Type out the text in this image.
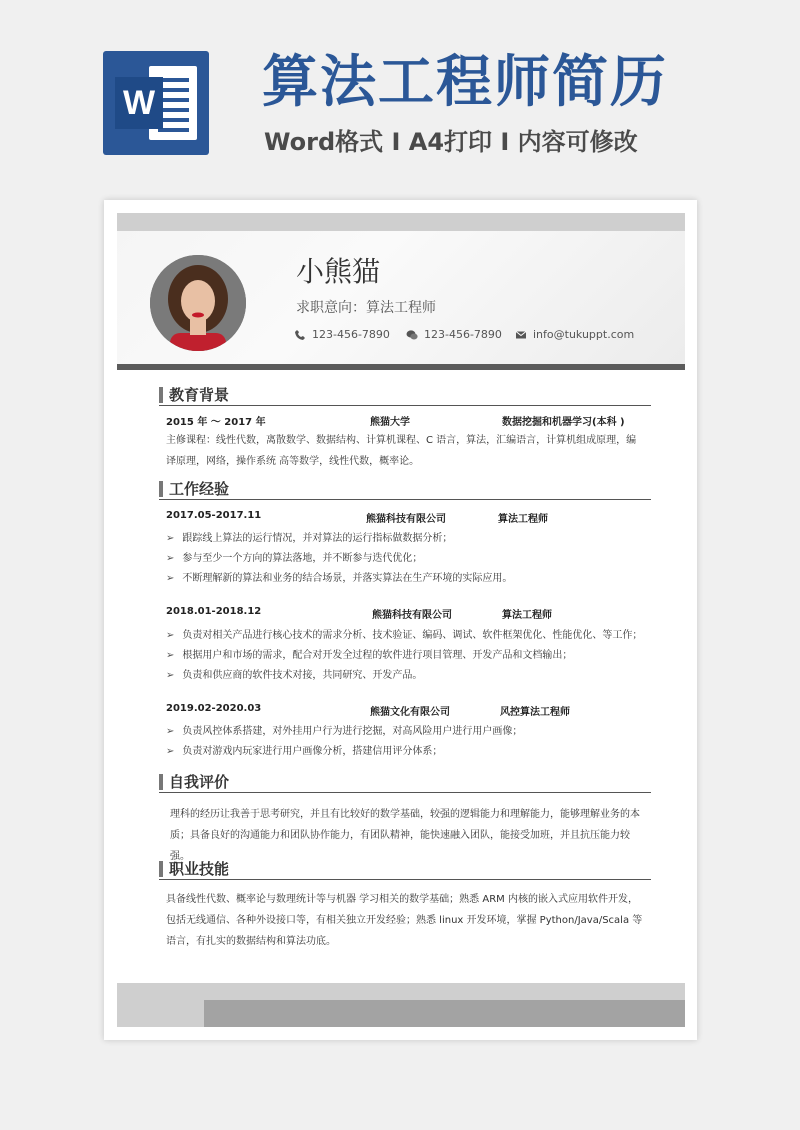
W 算法工程师简历
Word格式 I A4打印 I 内容可修改
小熊猫
求职意向：算法工程师
123-456-7890	123-456-7890	info@tukuppt.com
教育背景
2015 年 ～ 2017 年	熊猫大学	数据挖掘和机器学习(本科 )
主修课程：线性代数，离散数学、数据结构、计算机课程、C 语言，算法，汇编语言，计算机组成原理，编译原理，网络，操作系统 高等数学，线性代数，概率论。
工作经验
2017.05-2017.11	熊猫科技有限公司	算法工程师
➢ 跟踪线上算法的运行情况，并对算法的运行指标做数据分析；
➢ 参与至少一个方向的算法落地，并不断参与迭代优化；
➢ 不断理解新的算法和业务的结合场景，并落实算法在生产环境的实际应用。
2018.01-2018.12	熊猫科技有限公司	算法工程师
➢ 负责对相关产品进行核心技术的需求分析、技术验证、编码、调试、软件框架优化、性能优化、等工作；
➢ 根据用户和市场的需求，配合对开发全过程的软件进行项目管理、开发产品和文档输出；
➢ 负责和供应商的软件技术对接，共同研究、开发产品。
2019.02-2020.03	熊猫文化有限公司	风控算法工程师
➢ 负责风控体系搭建，对外挂用户行为进行挖掘，对高风险用户进行用户画像；
➢ 负责对游戏内玩家进行用户画像分析，搭建信用评分体系；
自我评价
理科的经历让我善于思考研究，并且有比较好的数学基础，较强的逻辑能力和理解能力，能够理解业务的本质；具备良好的沟通能力和团队协作能力，有团队精神，能快速融入团队，能接受加班，并且抗压能力较强。
职业技能
具备线性代数、概率论与数理统计等与机器 学习相关的数学基础；熟悉 ARM 内核的嵌入式应用软件开发，包括无线通信、各种外设接口等，有相关独立开发经验；熟悉 linux 开发环境，掌握 Python/Java/Scala 等语言，有扎实的数据结构和算法功底。
